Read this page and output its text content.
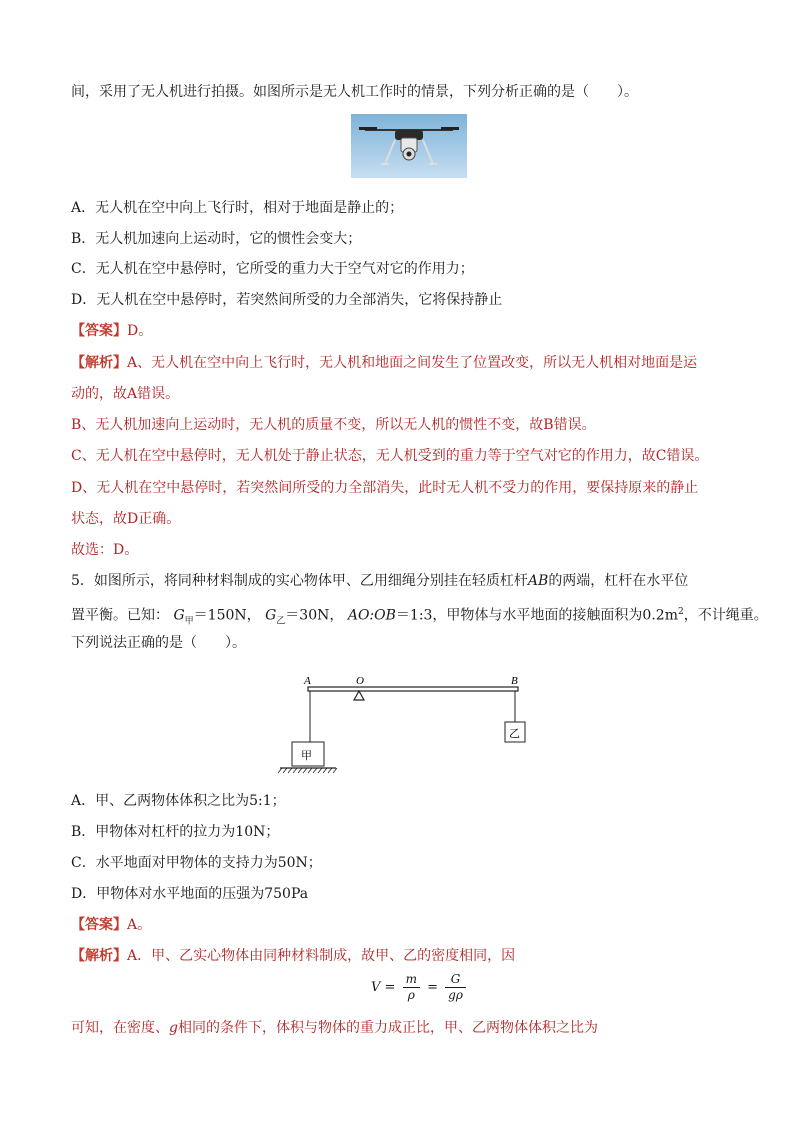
间，采用了无人机进行拍摄。如图所示是无人机工作时的情景，下列分析正确的是（　　）。
A．无人机在空中向上飞行时，相对于地面是静止的；
B．无人机加速向上运动时，它的惯性会变大；
C．无人机在空中悬停时，它所受的重力大于空气对它的作用力；
D．无人机在空中悬停时，若突然间所受的力全部消失，它将保持静止
【答案】D。
【解析】A、无人机在空中向上飞行时，无人机和地面之间发生了位置改变，所以无人机相对地面是运
动的，故A错误。
B、无人机加速向上运动时，无人机的质量不变，所以无人机的惯性不变，故B错误。
C、无人机在空中悬停时，无人机处于静止状态，无人机受到的重力等于空气对它的作用力，故C错误。
D、无人机在空中悬停时，若突然间所受的力全部消失，此时无人机不受力的作用，要保持原来的静止
状态，故D正确。
故选：D。
5．如图所示，将同种材料制成的实心物体甲、乙用细绳分别挂在轻质杠杆AB的两端，杠杆在水平位
置平衡。已知： $G_甲=150N$， $G_乙=30N$， AO:OB＝1:3，甲物体与水平地面的接触面积为$0.2m^2$，不计绳重。
下列说法正确的是（　　）。
A	O	B
甲
乙
A．甲、乙两物体体积之比为5:1；
B．甲物体对杠杆的拉力为10N；
C．水平地面对甲物体的支持力为50N；
D．甲物体对水平地面的压强为750Pa
【答案】A。
【解析】A．甲、乙实心物体由同种材料制成，故甲、乙的密度相同，因
$V = \frac{m}{\rho} = \frac{G}{g\rho}$
可知，在密度、g相同的条件下，体积与物体的重力成正比，甲、乙两物体体积之比为
